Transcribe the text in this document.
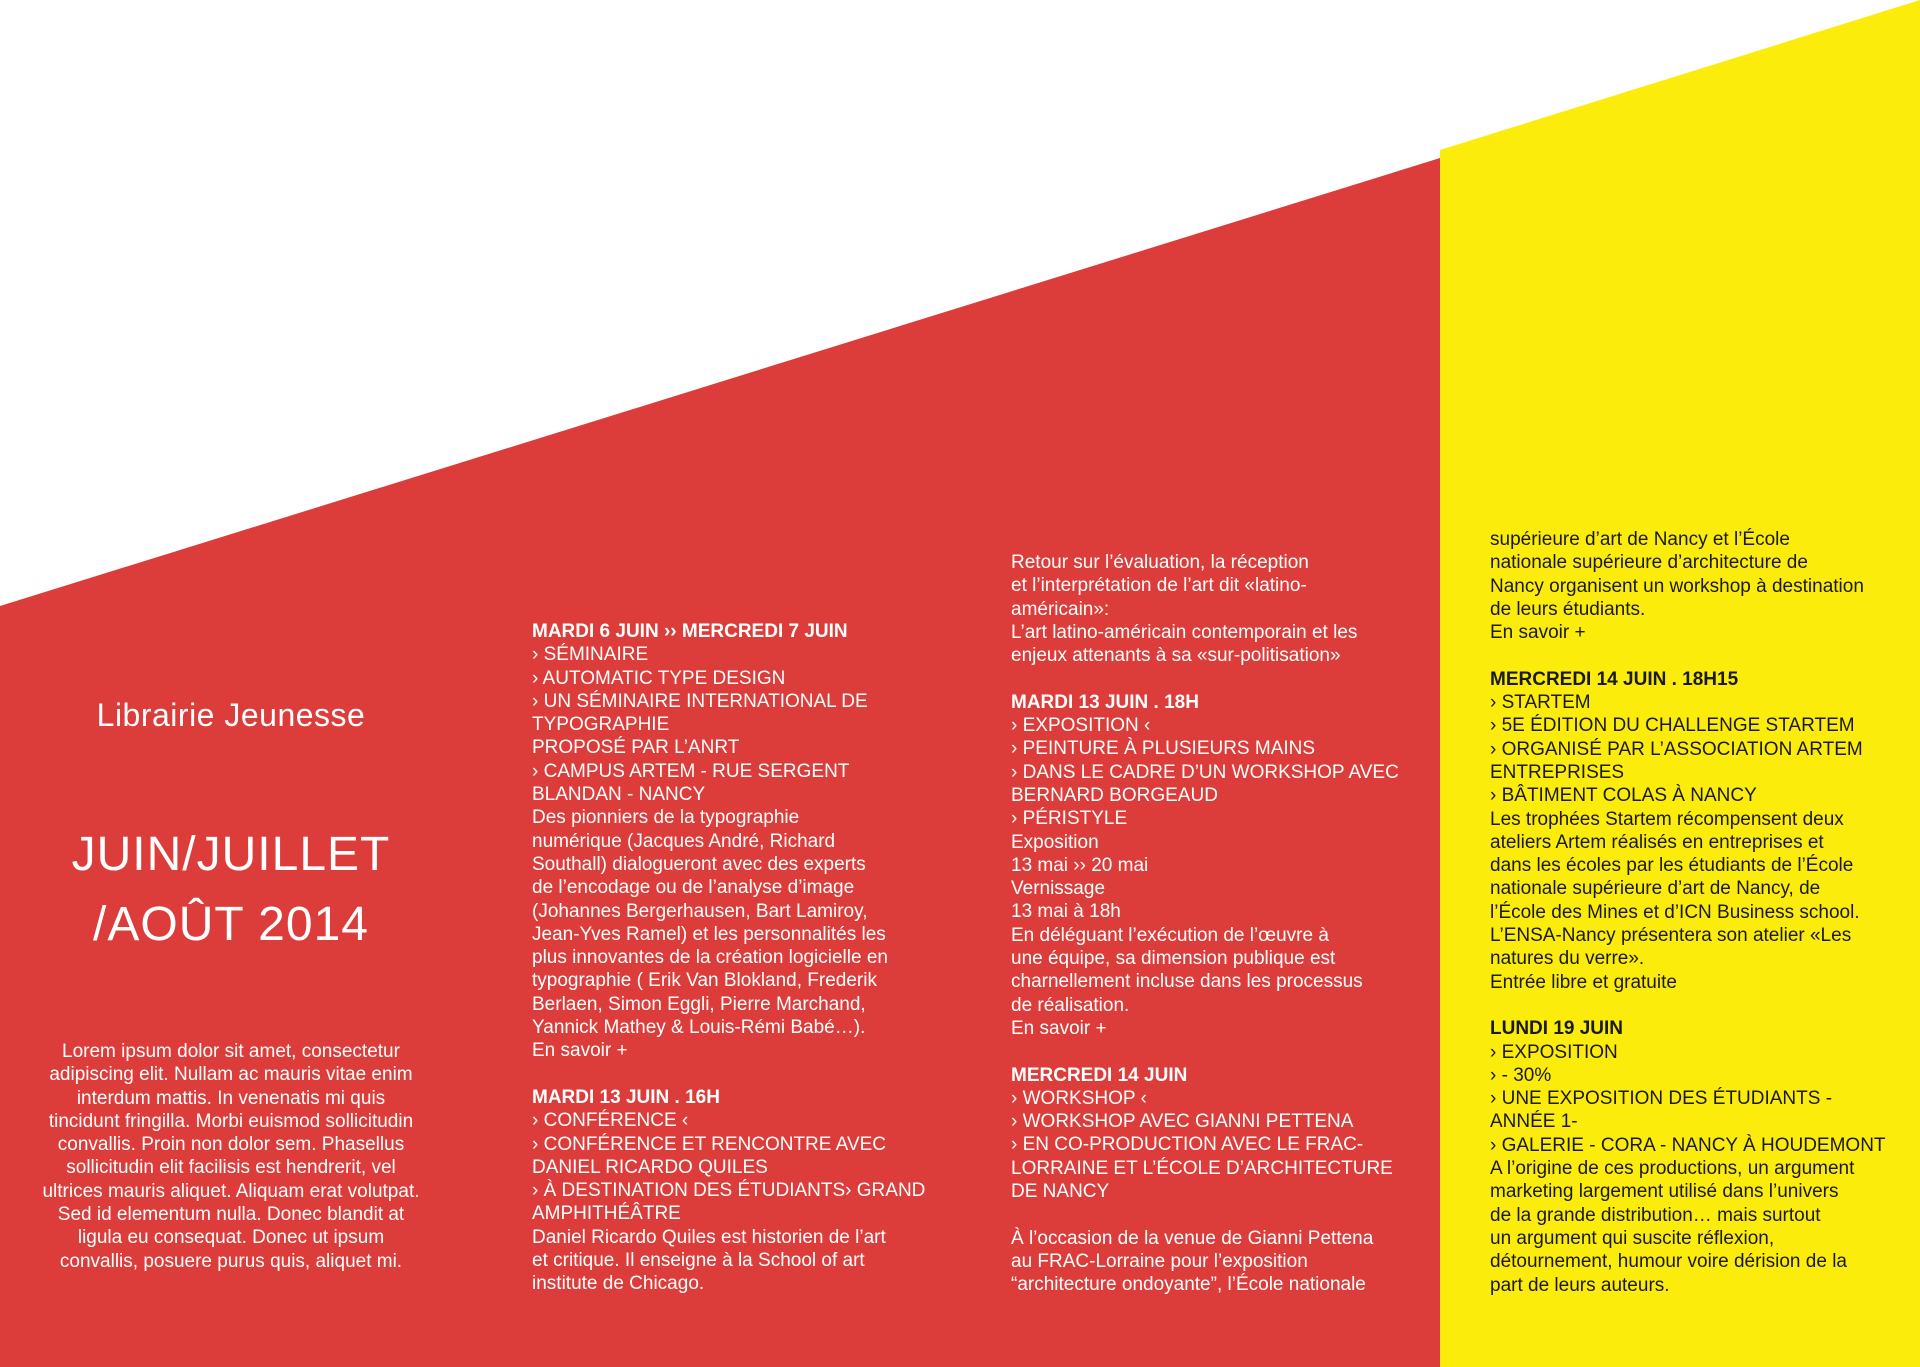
Librairie Jeunesse
JUIN/JUILLET
/AOÛT 2014
Lorem ipsum dolor sit amet, consectetur adipiscing elit. Nullam ac mauris vitae enim interdum mattis. In venenatis mi quis tincidunt fringilla. Morbi euismod sollicitudin convallis. Proin non dolor sem. Phasellus sollicitudin elit facilisis est hendrerit, vel ultrices mauris aliquet. Aliquam erat volutpat. Sed id elementum nulla. Donec blandit at ligula eu consequat. Donec ut ipsum convallis, posuere purus quis, aliquet mi.
MARDI 6 JUIN ›› MERCREDI 7 JUIN
› SÉMINAIRE
› AUTOMATIC TYPE DESIGN
› UN SÉMINAIRE INTERNATIONAL DE
TYPOGRAPHIE
PROPOSÉ PAR L’ANRT
› CAMPUS ARTEM - RUE SERGENT
BLANDAN - NANCY
Des pionniers de la typographie
numérique (Jacques André, Richard
Southall) dialogueront avec des experts
de l’encodage ou de l’analyse d’image
(Johannes Bergerhausen, Bart Lamiroy,
Jean-Yves Ramel) et les personnalités les
plus innovantes de la création logicielle en
typographie ( Erik Van Blokland, Frederik
Berlaen, Simon Eggli, Pierre Marchand,
Yannick Mathey & Louis-Rémi Babé…).
En savoir +
MARDI 13 JUIN . 16H
› CONFÉRENCE ‹
› CONFÉRENCE ET RENCONTRE AVEC
DANIEL RICARDO QUILES
› À DESTINATION DES ÉTUDIANTS› GRAND
AMPHITHÉÂTRE
Daniel Ricardo Quiles est historien de l’art
et critique. Il enseigne à la School of art
institute de Chicago.
Retour sur l’évaluation, la réception
et l’interprétation de l’art dit «latino-
américain»:
L’art latino-américain contemporain et les
enjeux attenants à sa «sur-politisation»
MARDI 13 JUIN . 18H
› EXPOSITION ‹
› PEINTURE À PLUSIEURS MAINS
› DANS LE CADRE D’UN WORKSHOP AVEC
BERNARD BORGEAUD
› PÉRISTYLE
Exposition
13 mai ›› 20 mai
Vernissage
13 mai à 18h
En déléguant l’exécution de l’œuvre à
une équipe, sa dimension publique est
charnellement incluse dans les processus
de réalisation.
En savoir +
MERCREDI 14 JUIN
› WORKSHOP ‹
› WORKSHOP AVEC GIANNI PETTENA
› EN CO-PRODUCTION AVEC LE FRAC-
LORRAINE ET L’ÉCOLE D’ARCHITECTURE
DE NANCY
À l’occasion de la venue de Gianni Pettena
au FRAC-Lorraine pour l’exposition
“architecture ondoyante”, l’École nationale
supérieure d’art de Nancy et l’École
nationale supérieure d’architecture de
Nancy organisent un workshop à destination
de leurs étudiants.
En savoir +
MERCREDI 14 JUIN . 18H15
› STARTEM
› 5E ÉDITION DU CHALLENGE STARTEM
› ORGANISÉ PAR L’ASSOCIATION ARTEM
ENTREPRISES
› BÂTIMENT COLAS À NANCY
Les trophées Startem récompensent deux
ateliers Artem réalisés en entreprises et
dans les écoles par les étudiants de l’École
nationale supérieure d’art de Nancy, de
l’École des Mines et d’ICN Business school.
L’ENSA-Nancy présentera son atelier «Les
natures du verre».
Entrée libre et gratuite
LUNDI 19 JUIN
› EXPOSITION
› - 30%
› UNE EXPOSITION DES ÉTUDIANTS -
ANNÉE 1-
› GALERIE - CORA - NANCY À HOUDEMONT
A l’origine de ces productions, un argument
marketing largement utilisé dans l’univers
de la grande distribution… mais surtout
un argument qui suscite réflexion,
détournement, humour voire dérision de la
part de leurs auteurs.
